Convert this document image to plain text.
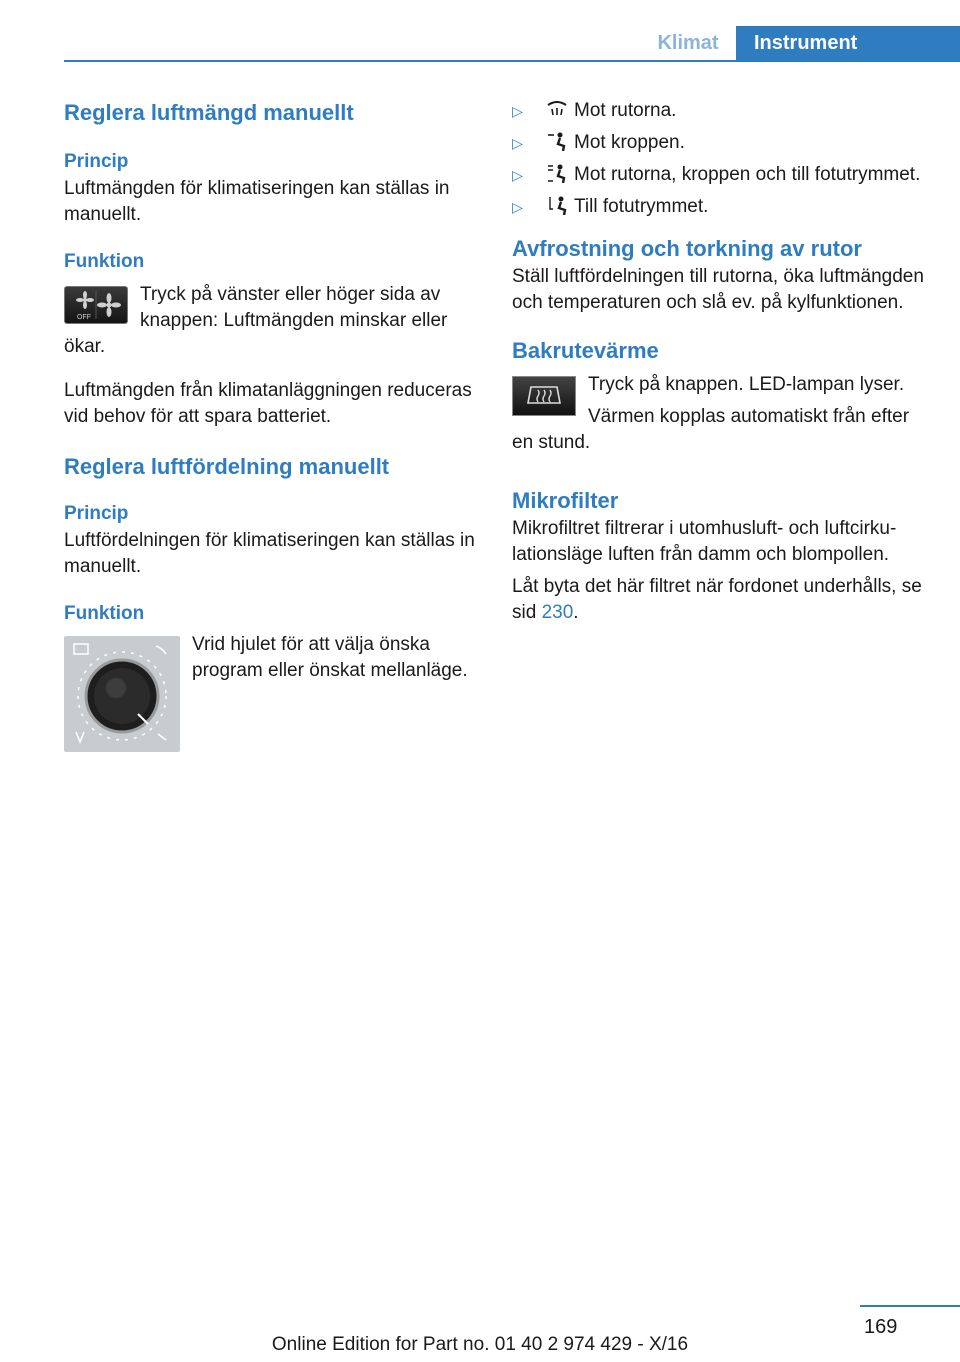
Klimat	Instrument
Reglera luftmängd manuellt
Princip

Luftmängden för klimatiseringen kan ställas in manuellt.

Funktion
OFF

Tryck på vänster eller höger sida av knappen: Luftmängden minskar eller ökar.

Luftmängden från klimatanläggningen reduceras vid behov för att spara batteriet.

Reglera luftfördelning manuellt
Princip

Luftfördelningen för klimatiseringen kan ställas in manuellt.

Funktion

Vrid hjulet för att välja önska program eller önskat mellanläge.

▷	Mot rutorna.
▷	Mot kroppen.
▷	Mot rutorna, kroppen och till fotutrymmet.
▷	Till fotutrymmet.
Avfrostning och torkning av rutor

Ställ luftfördelningen till rutorna, öka luftmängden och temperaturen och slå ev. på kylfunktionen.

Bakrutevärme

Tryck på knappen. LED-lampan lyser.

Värmen kopplas automatiskt från efter en stund.

Mikrofilter

Mikrofiltret filtrerar i utomhusluft- och luftcirkulationsläge luften från damm och blompollen.

Låt byta det här filtret när fordonet underhålls, se sid 230.

169
Online Edition for Part no. 01 40 2 974 429 - X/16
